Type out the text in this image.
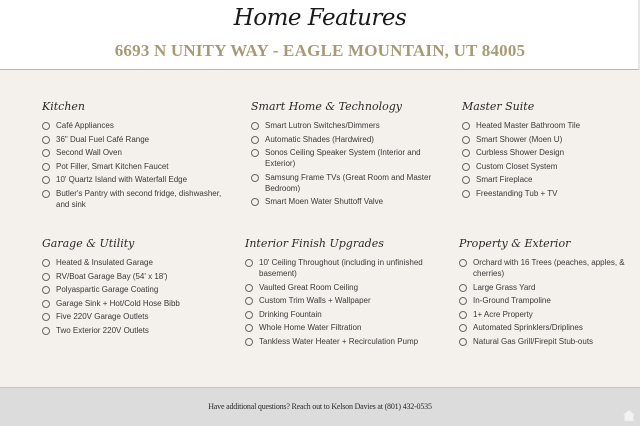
Home Features
6693 N UNITY WAY - EAGLE MOUNTAIN, UT 84005
Kitchen
Café Appliances
36" Dual Fuel Café Range
Second Wall Oven
Pot Filler, Smart Kitchen Faucet
10' Quartz Island with Waterfall Edge
Butler's Pantry with second fridge, dishwasher, and sink
Smart Home & Technology
Smart Lutron Switches/Dimmers
Automatic Shades (Hardwired)
Sonos Ceiling Speaker System (Interior and Exterior)
Samsung Frame TVs (Great Room and Master Bedroom)
Smart Moen Water Shuttoff Valve
Master Suite
Heated Master Bathroom Tile
Smart Shower (Moen U)
Curbless Shower Design
Custom Closet System
Smart Fireplace
Freestanding Tub + TV
Garage & Utility
Heated & Insulated Garage
RV/Boat Garage Bay (54' x 18')
Polyaspartic Garage Coating
Garage Sink + Hot/Cold Hose Bibb
Five 220V Garage Outlets
Two Exterior 220V Outlets
Interior Finish Upgrades
10' Ceiling Throughout (including in unfinished basement)
Vaulted Great Room Ceiling
Custom Trim Walls + Wallpaper
Drinking Fountain
Whole Home Water Filtration
Tankless Water Heater + Recirculation Pump
Property & Exterior
Orchard with 16 Trees (peaches, apples, & cherries)
Large Grass Yard
In-Ground Trampoline
1+ Acre Property
Automated Sprinklers/Driplines
Natural Gas Grill/Firepit Stub-outs
Have additional questions? Reach out to Kelson Davies at (801) 432-0535
